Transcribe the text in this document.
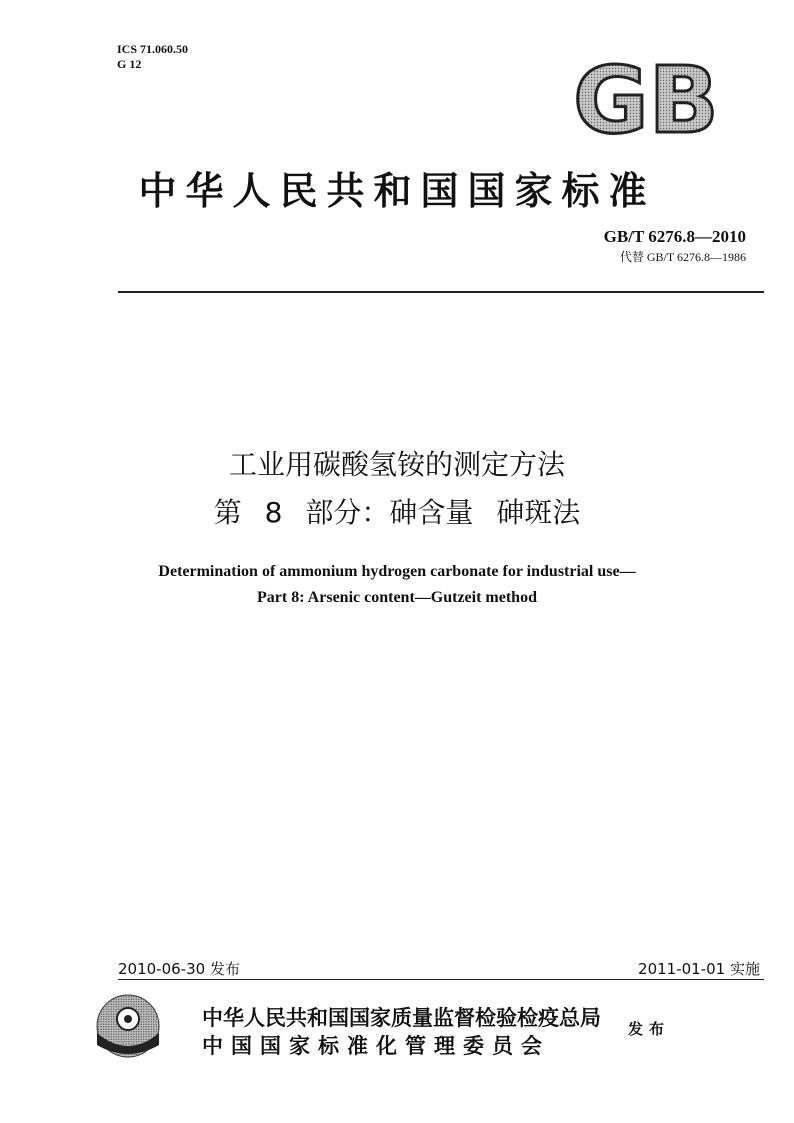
ICS 71.060.50
G 12	GB
中华人民共和国国家标准
GB/T 6276.8—2010
代替 GB/T 6276.8—1986
工业用碳酸氢铵的测定方法
第 8 部分：砷含量 砷斑法
Determination of ammonium hydrogen carbonate for industrial use—
Part 8: Arsenic content—Gutzeit method
2010-06-30 发布	2011-01-01 实施
中华人民共和国国家质量监督检验检疫总局
中国国家标准化管理委员会
发布
